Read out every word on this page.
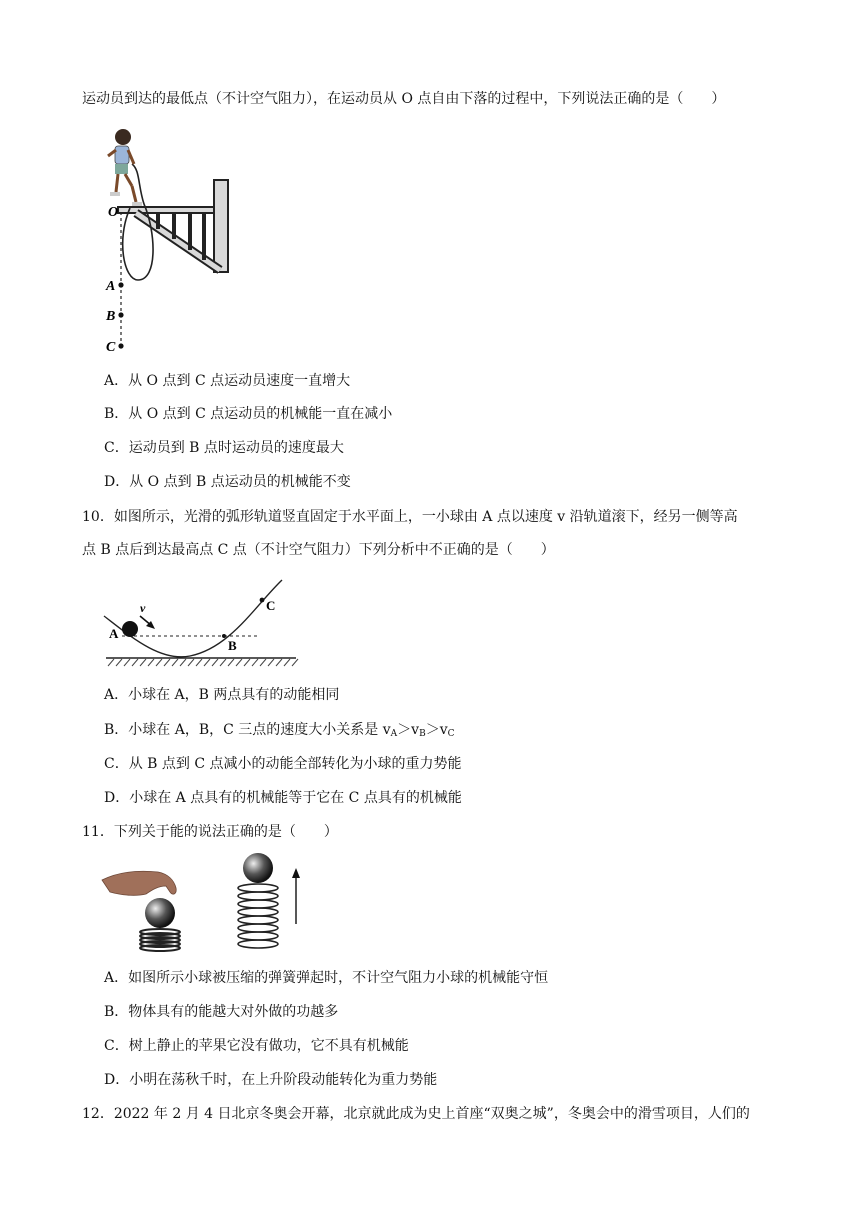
运动员到达的最低点（不计空气阻力），在运动员从 O 点自由下落的过程中，下列说法正确的是（　　）
O
A
B
C
A．从 O 点到 C 点运动员速度一直增大
B．从 O 点到 C 点运动员的机械能一直在减小
C．运动员到 B 点时运动员的速度最大
D．从 O 点到 B 点运动员的机械能不变
10．如图所示，光滑的弧形轨道竖直固定于水平面上，一小球由 A 点以速度 v 沿轨道滚下，经另一侧等高
点 B 点后到达最高点 C 点（不计空气阻力）下列分析中不正确的是（　　）
v
A
B
C
A．小球在 A，B 两点具有的动能相同
B．小球在 A，B，C 三点的速度大小关系是 $v_A>v_B>v_C$
C．从 B 点到 C 点减小的动能全部转化为小球的重力势能
D．小球在 A 点具有的机械能等于它在 C 点具有的机械能
11．下列关于能的说法正确的是（　　）
A．如图所示小球被压缩的弹簧弹起时，不计空气阻力小球的机械能守恒
B．物体具有的能越大对外做的功越多
C．树上静止的苹果它没有做功，它不具有机械能
D．小明在荡秋千时，在上升阶段动能转化为重力势能
12．2022 年 2 月 4 日北京冬奥会开幕，北京就此成为史上首座“双奥之城”，冬奥会中的滑雪项目，人们的
